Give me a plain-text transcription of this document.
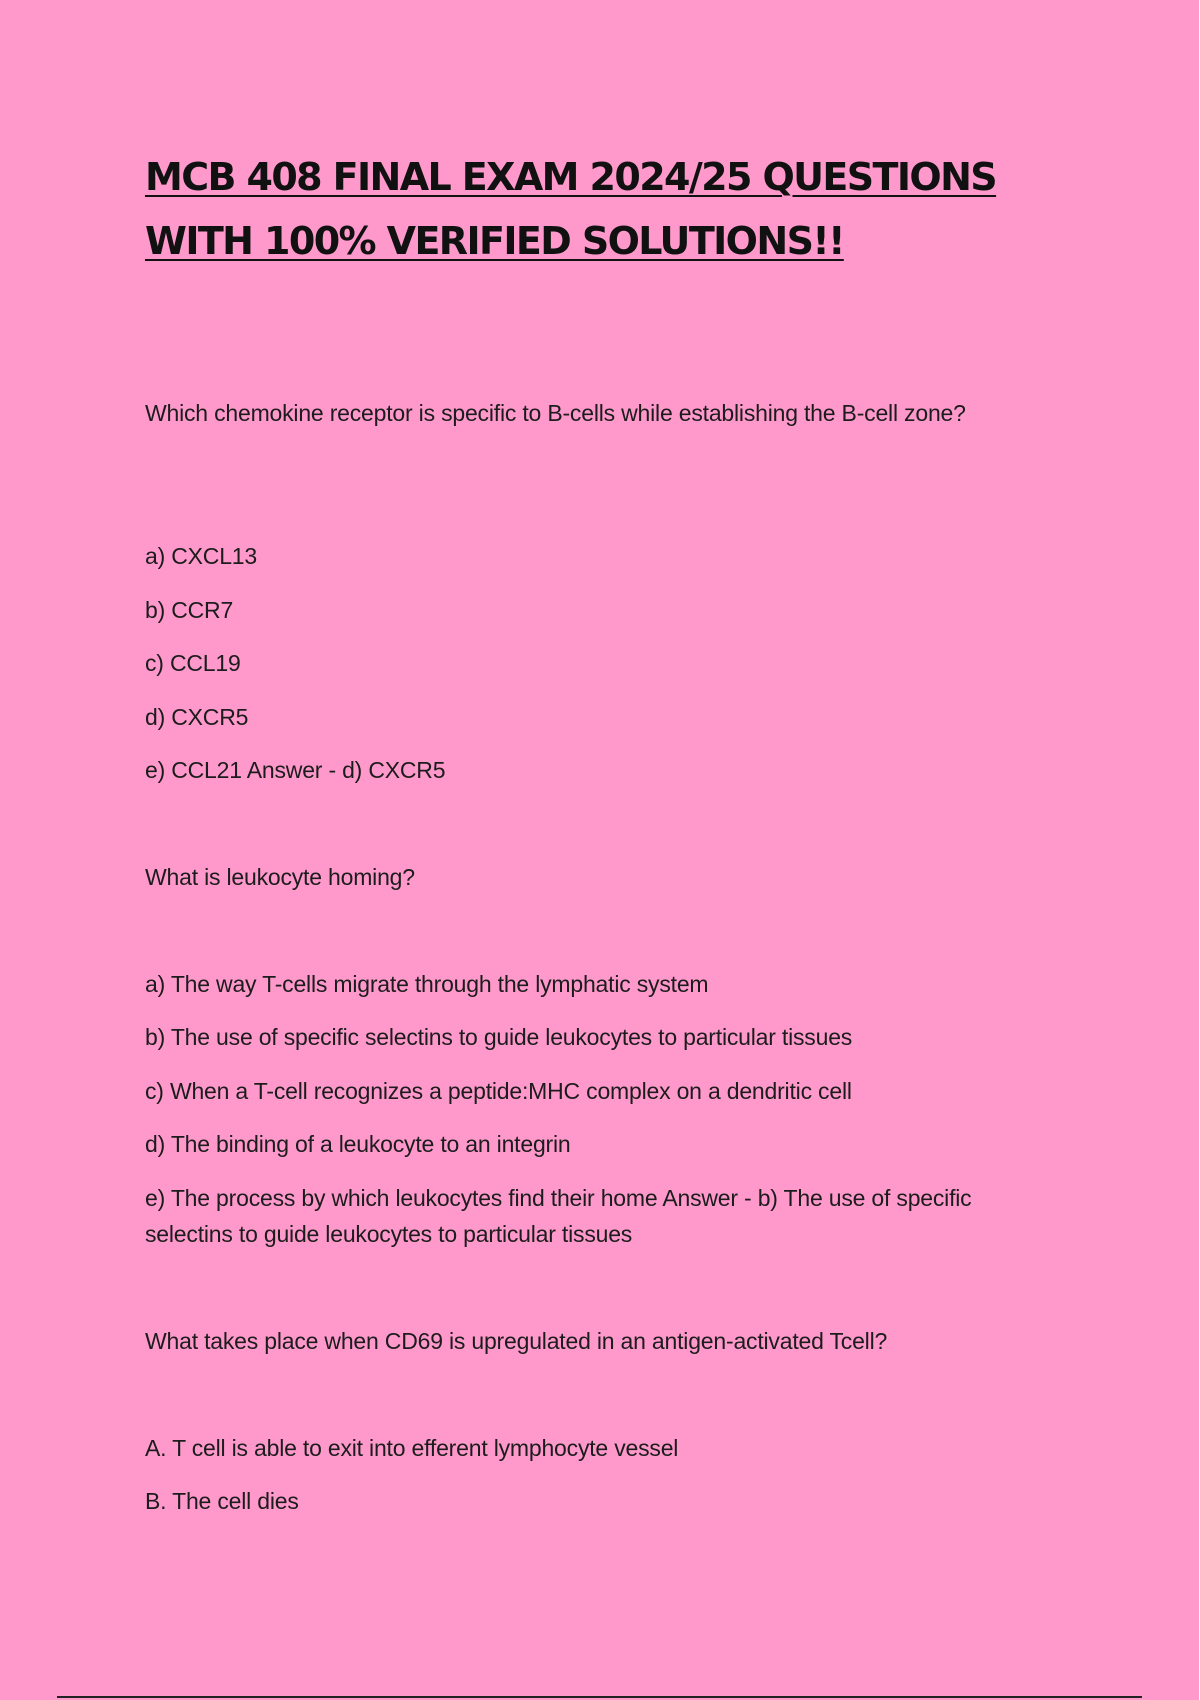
MCB 408 FINAL EXAM 2024/25 QUESTIONS
WITH 100% VERIFIED SOLUTIONS!!

Which chemokine receptor is specific to B-cells while establishing the B-cell zone?

a) CXCL13

b) CCR7

c) CCL19

d) CXCR5

e) CCL21 Answer - d) CXCR5

What is leukocyte homing?

a) The way T-cells migrate through the lymphatic system

b) The use of specific selectins to guide leukocytes to particular tissues

c) When a T-cell recognizes a peptide:MHC complex on a dendritic cell

d) The binding of a leukocyte to an integrin

e) The process by which leukocytes find their home Answer - b) The use of specific selectins to guide leukocytes to particular tissues

What takes place when CD69 is upregulated in an antigen-activated Tcell?

A. T cell is able to exit into efferent lymphocyte vessel

B. The cell dies
